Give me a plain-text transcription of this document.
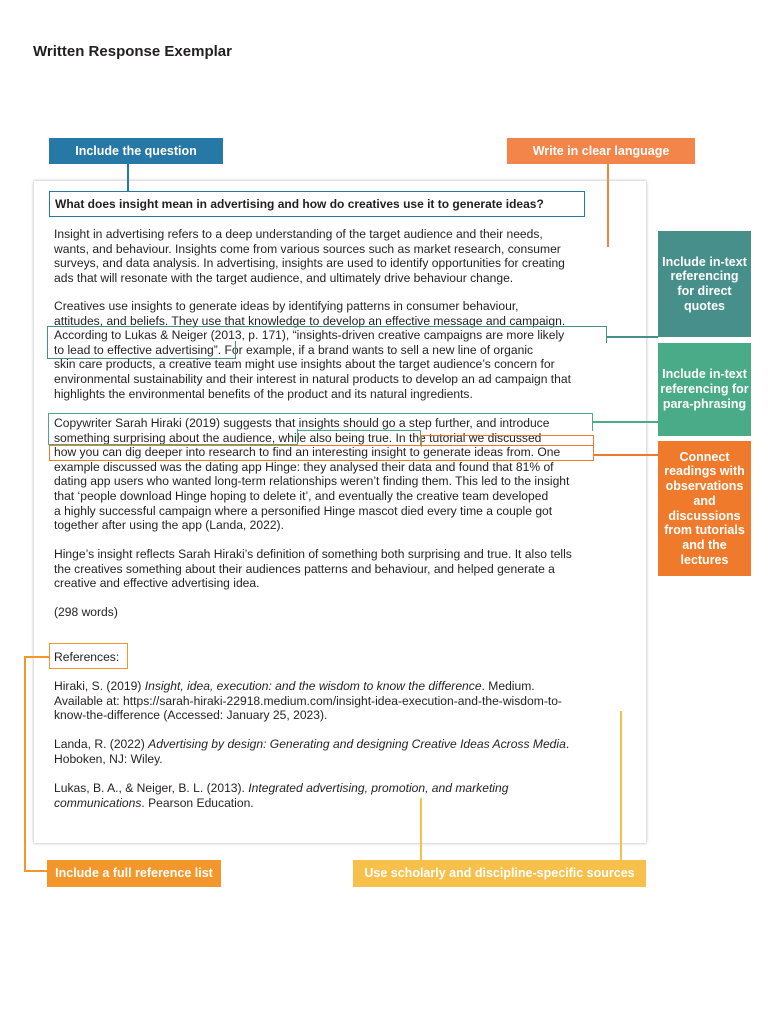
Written Response Exemplar
Include the question	Write in clear language
Include in-text referencing for direct quotes
Include in-text referencing for para-phrasing
Connect readings with observations and discussions from tutorials and the lectures
Include a full reference list	Use scholarly and discipline-specific sources
What does insight mean in advertising and how do creatives use it to generate ideas?

Insight in advertising refers to a deep understanding of the target audience and their needs,

wants, and behaviour. Insights come from various sources such as market research, consumer

surveys, and data analysis. In advertising, insights are used to identify opportunities for creating

ads that will resonate with the target audience, and ultimately drive behaviour change.

Creatives use insights to generate ideas by identifying patterns in consumer behaviour,

attitudes, and beliefs. They use that knowledge to develop an effective message and campaign.

According to Lukas & Neiger (2013, p. 171), “insights-driven creative campaigns are more likely

to lead to effective advertising”. For example, if a brand wants to sell a new line of organic

skin care products, a creative team might use insights about the target audience’s concern for

environmental sustainability and their interest in natural products to develop an ad campaign that

highlights the environmental benefits of the product and its natural ingredients.

Copywriter Sarah Hiraki (2019) suggests that insights should go a step further, and introduce

something surprising about the audience, while also being true. In the tutorial we discussed

how you can dig deeper into research to find an interesting insight to generate ideas from. One

example discussed was the dating app Hinge: they analysed their data and found that 81% of

dating app users who wanted long-term relationships weren’t finding them. This led to the insight

that ‘people download Hinge hoping to delete it’, and eventually the creative team developed

a highly successful campaign where a personified Hinge mascot died every time a couple got

together after using the app (Landa, 2022).

Hinge’s insight reflects Sarah Hiraki’s definition of something both surprising and true. It also tells

the creatives something about their audiences patterns and behaviour, and helped generate a

creative and effective advertising idea.

(298 words)

References:

Hiraki, S. (2019) Insight, idea, execution: and the wisdom to know the difference. Medium.

Available at: https://sarah-hiraki-22918.medium.com/insight-idea-execution-and-the-wisdom-to-

know-the-difference (Accessed: January 25, 2023).

Landa, R. (2022) Advertising by design: Generating and designing Creative Ideas Across Media.

Hoboken, NJ: Wiley.

Lukas, B. A., & Neiger, B. L. (2013). Integrated advertising, promotion, and marketing

communications. Pearson Education.
